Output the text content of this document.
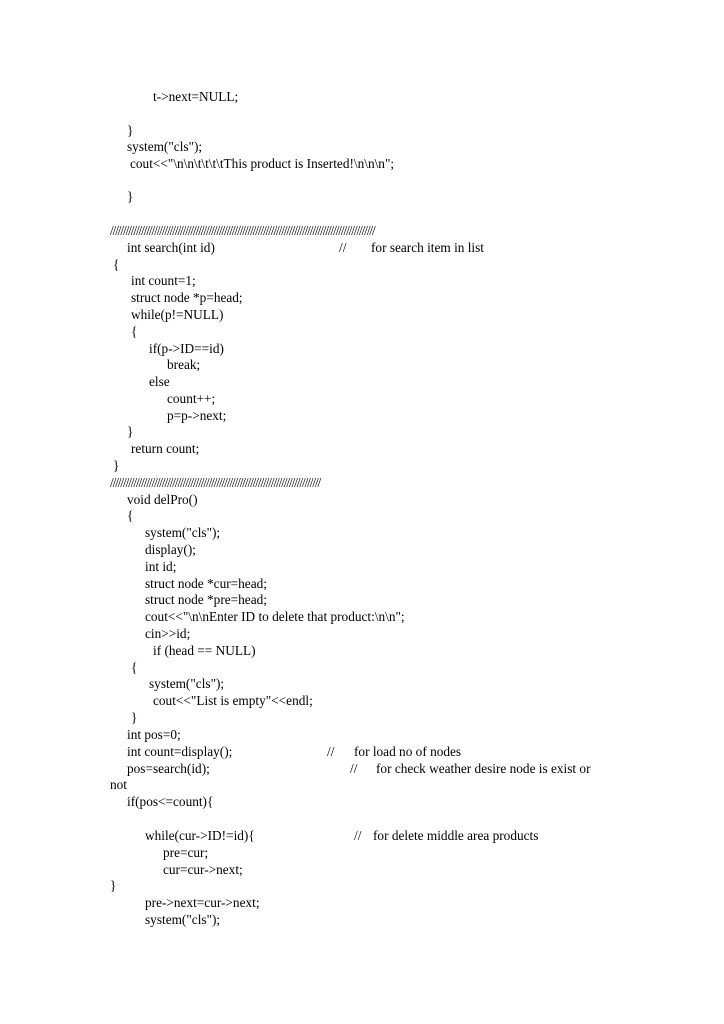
t->next=NULL;
}
system("cls");
cout<<"\n\n\t\t\t\tThis product is Inserted!\n\n\n";
}
//////////////////////////////////////////////////////////////////////////////////////////////////////
int search(int id)	// for search item in list
{
int count=1;
struct node *p=head;
while(p!=NULL)
{
if(p->ID==id)
break;
else
count++;
p=p->next;
}
return count;
}
/////////////////////////////////////////////////////////////////////////////////
void delPro()
{
system("cls");
display();
int id;
struct node *cur=head;
struct node *pre=head;
cout<<"\n\nEnter ID to delete that product:\n\n";
cin>>id;
if (head == NULL)
{
system("cls");
cout<<"List is empty"<<endl;
}
int pos=0;
int count=display();	// for load no of nodes
pos=search(id);	// for check weather desire node is exist or
not
if(pos<=count){
while(cur->ID!=id){	// for delete middle area products
pre=cur;
cur=cur->next;
}
pre->next=cur->next;
system("cls");
